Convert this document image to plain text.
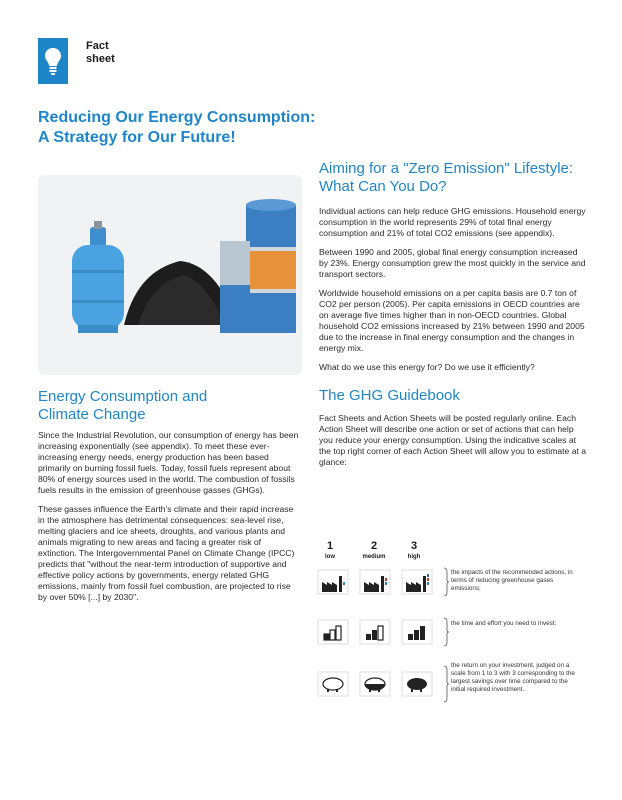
Fact
sheet
Reducing Our Energy Consumption:
A Strategy for Our Future!
Energy Consumption and
Climate Change

Since the Industrial Revolution, our consumption of energy has been increasing exponentially (see appendix). To meet these ever-increasing energy needs, energy production has been based primarily on burning fossil fuels. Today, fossil fuels represent about 80% of energy sources used in the world. The combustion of fossils fuels results in the emission of greenhouse gasses (GHGs).

These gasses influence the Earth's climate and their rapid increase in the atmosphere has detrimental consequences: sea-level rise, melting glaciers and ice sheets, droughts, and various plants and animals migrating to new areas and facing a greater risk of extinction. The Intergovernmental Panel on Climate Change (IPCC) predicts that "without the near-term introduction of supportive and effective policy actions by governments, energy related GHG emissions, mainly from fossil fuel combustion, are projected to rise by over 50% [...] by 2030".

Aiming for a "Zero Emission" Lifestyle:
What Can You Do?

Individual actions can help reduce GHG emissions. Household energy consumption in the world represents 29% of total final energy consumption and 21% of total CO2 emissions (see appendix).

Between 1990 and 2005, global final energy consumption increased by 23%. Energy consumption grew the most quickly in the service and transport sectors.

Worldwide household emissions on a per capita basis are 0.7 ton of CO2 per person (2005). Per capita emissions in OECD countries are on average five times higher than in non-OECD countries. Global household CO2 emissions increased by 21% between 1990 and 2005 due to the increase in final energy consumption and the changes in energy mix.

What do we use this energy for? Do we use it efficiently?

The GHG Guidebook

Fact Sheets and Action Sheets will be posted regularly online. Each Action Sheet will describe one action or set of actions that can help you reduce your energy consumption. Using the indicative scales at the top right corner of each Action Sheet will allow you to estimate at a glance:

1	2	3
low	medium	high
the impacts of the recommended actions, in terms of reducing greenhouse gases emissions;
the time and effort you need to invest;
the return on your investment, judged on a scale from 1 to 3 with 3 corresponding to the largest savings over time compared to the initial required investment.
